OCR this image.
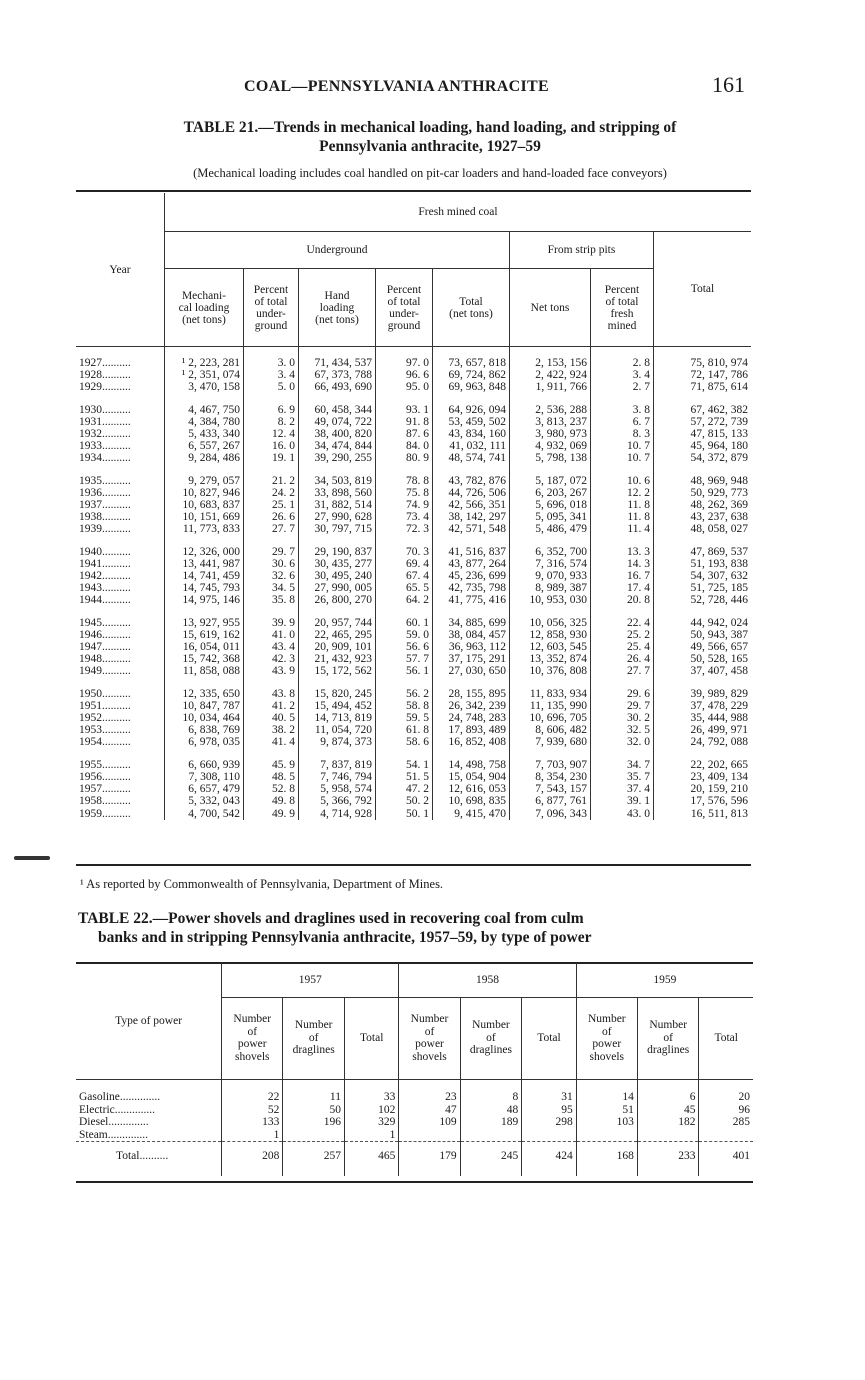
COAL—PENNSYLVANIA ANTHRACITE	161
TABLE 21.—Trends in mechanical loading, hand loading, and stripping of
Pennsylvania anthracite, 1927–59
(Mechanical loading includes coal handled on pit-car loaders and hand-loaded face conveyors)
Year	Fresh mined coal							
	Underground					From strip pits		Total
	Mechani-
cal loading
(net tons)	Percent
of total
under-
ground	Hand
loading
(net tons)	Percent
of total
under-
ground	Total
(net tons)	Net tons	Percent
of total
fresh
mined	

1927..........	¹ 2, 223, 281	3. 0	71, 434, 537	97. 0	73, 657, 818	2, 153, 156	2. 8	75, 810, 974
1928..........	¹ 2, 351, 074	3. 4	67, 373, 788	96. 6	69, 724, 862	2, 422, 924	3. 4	72, 147, 786
1929..........	3, 470, 158	5. 0	66, 493, 690	95. 0	69, 963, 848	1, 911, 766	2. 7	71, 875, 614

1930..........	4, 467, 750	6. 9	60, 458, 344	93. 1	64, 926, 094	2, 536, 288	3. 8	67, 462, 382
1931..........	4, 384, 780	8. 2	49, 074, 722	91. 8	53, 459, 502	3, 813, 237	6. 7	57, 272, 739
1932..........	5, 433, 340	12. 4	38, 400, 820	87. 6	43, 834, 160	3, 980, 973	8. 3	47, 815, 133
1933..........	6, 557, 267	16. 0	34, 474, 844	84. 0	41, 032, 111	4, 932, 069	10. 7	45, 964, 180
1934..........	9, 284, 486	19. 1	39, 290, 255	80. 9	48, 574, 741	5, 798, 138	10. 7	54, 372, 879

1935..........	9, 279, 057	21. 2	34, 503, 819	78. 8	43, 782, 876	5, 187, 072	10. 6	48, 969, 948
1936..........	10, 827, 946	24. 2	33, 898, 560	75. 8	44, 726, 506	6, 203, 267	12. 2	50, 929, 773
1937..........	10, 683, 837	25. 1	31, 882, 514	74. 9	42, 566, 351	5, 696, 018	11. 8	48, 262, 369
1938..........	10, 151, 669	26. 6	27, 990, 628	73. 4	38, 142, 297	5, 095, 341	11. 8	43, 237, 638
1939..........	11, 773, 833	27. 7	30, 797, 715	72. 3	42, 571, 548	5, 486, 479	11. 4	48, 058, 027

1940..........	12, 326, 000	29. 7	29, 190, 837	70. 3	41, 516, 837	6, 352, 700	13. 3	47, 869, 537
1941..........	13, 441, 987	30. 6	30, 435, 277	69. 4	43, 877, 264	7, 316, 574	14. 3	51, 193, 838
1942..........	14, 741, 459	32. 6	30, 495, 240	67. 4	45, 236, 699	9, 070, 933	16. 7	54, 307, 632
1943..........	14, 745, 793	34. 5	27, 990, 005	65. 5	42, 735, 798	8, 989, 387	17. 4	51, 725, 185
1944..........	14, 975, 146	35. 8	26, 800, 270	64. 2	41, 775, 416	10, 953, 030	20. 8	52, 728, 446

1945..........	13, 927, 955	39. 9	20, 957, 744	60. 1	34, 885, 699	10, 056, 325	22. 4	44, 942, 024
1946..........	15, 619, 162	41. 0	22, 465, 295	59. 0	38, 084, 457	12, 858, 930	25. 2	50, 943, 387
1947..........	16, 054, 011	43. 4	20, 909, 101	56. 6	36, 963, 112	12, 603, 545	25. 4	49, 566, 657
1948..........	15, 742, 368	42. 3	21, 432, 923	57. 7	37, 175, 291	13, 352, 874	26. 4	50, 528, 165
1949..........	11, 858, 088	43. 9	15, 172, 562	56. 1	27, 030, 650	10, 376, 808	27. 7	37, 407, 458

1950..........	12, 335, 650	43. 8	15, 820, 245	56. 2	28, 155, 895	11, 833, 934	29. 6	39, 989, 829
1951..........	10, 847, 787	41. 2	15, 494, 452	58. 8	26, 342, 239	11, 135, 990	29. 7	37, 478, 229
1952..........	10, 034, 464	40. 5	14, 713, 819	59. 5	24, 748, 283	10, 696, 705	30. 2	35, 444, 988
1953..........	6, 838, 769	38. 2	11, 054, 720	61. 8	17, 893, 489	8, 606, 482	32. 5	26, 499, 971
1954..........	6, 978, 035	41. 4	9, 874, 373	58. 6	16, 852, 408	7, 939, 680	32. 0	24, 792, 088

1955..........	6, 660, 939	45. 9	7, 837, 819	54. 1	14, 498, 758	7, 703, 907	34. 7	22, 202, 665
1956..........	7, 308, 110	48. 5	7, 746, 794	51. 5	15, 054, 904	8, 354, 230	35. 7	23, 409, 134
1957..........	6, 657, 479	52. 8	5, 958, 574	47. 2	12, 616, 053	7, 543, 157	37. 4	20, 159, 210
1958..........	5, 332, 043	49. 8	5, 366, 792	50. 2	10, 698, 835	6, 877, 761	39. 1	17, 576, 596
1959..........	4, 700, 542	49. 9	4, 714, 928	50. 1	9, 415, 470	7, 096, 343	43. 0	16, 511, 813
¹ As reported by Commonwealth of Pennsylvania, Department of Mines.
TABLE 22.—Power shovels and draglines used in recovering coal from culm
banks and in stripping Pennsylvania anthracite, 1957–59, by type of power
Type of power	1957			1958			1959		
	Number
of
power
shovels	Number
of
draglines	Total	Number
of
power
shovels	Number
of
draglines	Total	Number
of
power
shovels	Number
of
draglines	Total

Gasoline..............	22	11	33	23	8	31	14	6	20
Electric..............	52	50	102	47	48	95	51	45	96
Diesel..............	133	196	329	109	189	298	103	182	285
Steam..............	1		1						

Total..........	208	257	465	179	245	424	168	233	401
